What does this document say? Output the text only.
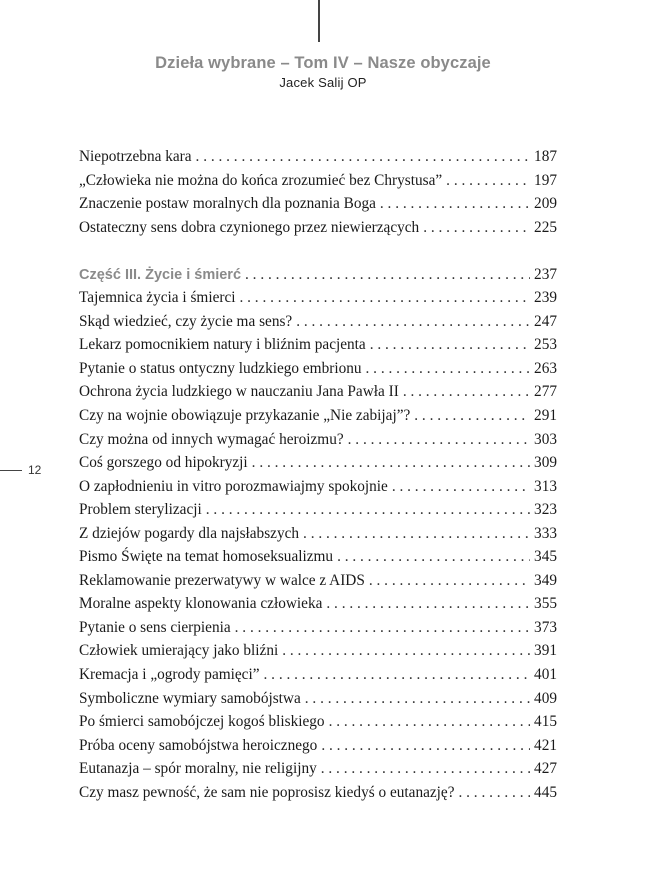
Dzieła wybrane – Tom IV – Nasze obyczaje
Jacek Salij OP
12
Niepotrzebna kara . . .	187
„Człowieka nie można do końca zrozumieć bez Chrystusa” . . .	197
Znaczenie postaw moralnych dla poznania Boga . . .	209
Ostateczny sens dobra czynionego przez niewierzących . . .	225
Część III. Życie i śmierć . . .	237
Tajemnica życia i śmierci . . .	239
Skąd wiedzieć, czy życie ma sens? . . .	247
Lekarz pomocnikiem natury i bliźnim pacjenta . . .	253
Pytanie o status ontyczny ludzkiego embrionu . . .	263
Ochrona życia ludzkiego w nauczaniu Jana Pawła II . . .	277
Czy na wojnie obowiązuje przykazanie „Nie zabijaj”? . . .	291
Czy można od innych wymagać heroizmu? . . .	303
Coś gorszego od hipokryzji . . .	309
O zapłodnieniu in vitro porozmawiajmy spokojnie . . .	313
Problem sterylizacji . . .	323
Z dziejów pogardy dla najsłabszych . . .	333
Pismo Święte na temat homoseksualizmu . . .	345
Reklamowanie prezerwatywy w walce z AIDS . . .	349
Moralne aspekty klonowania człowieka . . .	355
Pytanie o sens cierpienia . . .	373
Człowiek umierający jako bliźni . . .	391
Kremacja i „ogrody pamięci” . . .	401
Symboliczne wymiary samobójstwa . . .	409
Po śmierci samobójczej kogoś bliskiego . . .	415
Próba oceny samobójstwa heroicznego . . .	421
Eutanazja – spór moralny, nie religijny . . .	427
Czy masz pewność, że sam nie poprosisz kiedyś o eutanazję? . . .	445
